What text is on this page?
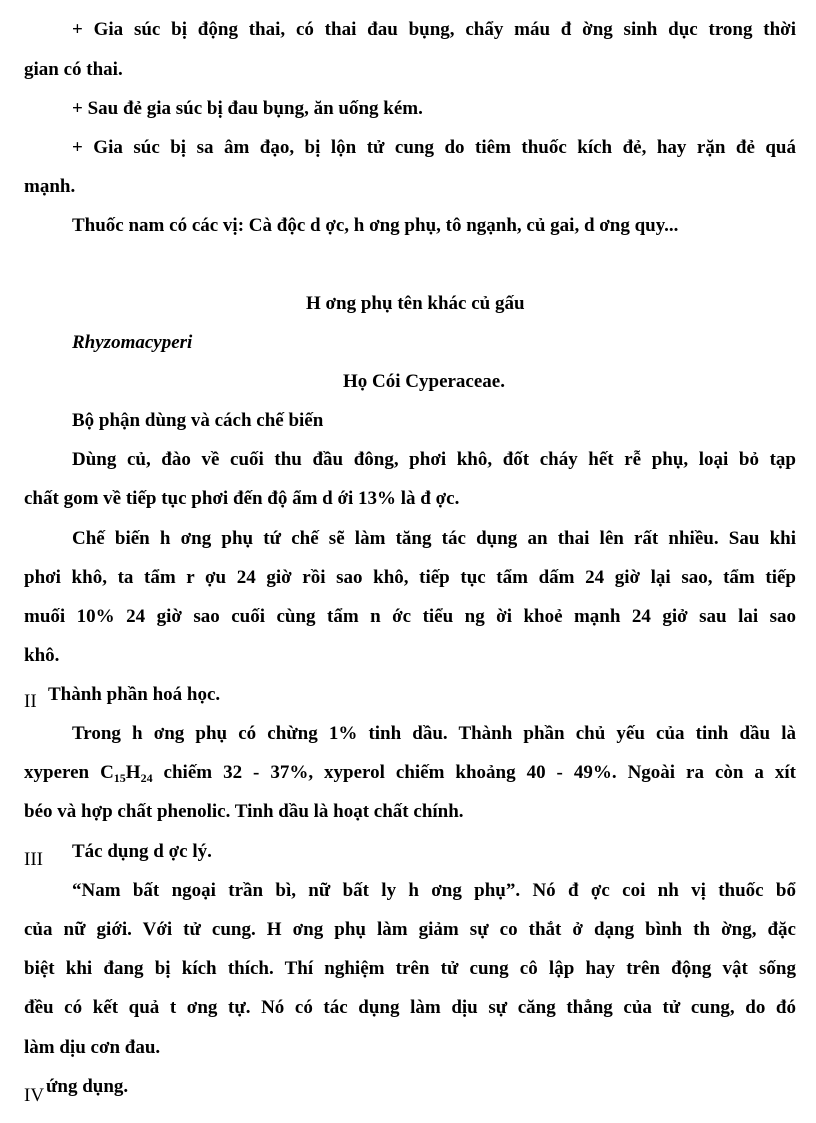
+ Gia súc bị động thai, có thai đau bụng, chẩy máu đ ờng sinh dục trong thời
gian có thai.
+ Sau đẻ gia súc bị đau bụng, ăn uống kém.
+ Gia súc bị sa âm đạo, bị lộn tử cung do tiêm thuốc kích đẻ, hay rặn đẻ quá
mạnh.
Thuốc nam có các vị: Cà độc d ợc, h ơng phụ, tô ngạnh, củ gai, d ơng quy...
H ơng phụ tên khác củ gấu
Rhyzomacyperi
Họ Cói Cyperaceae.
Bộ phận dùng và cách chế biến
Dùng củ, đào về cuối thu đầu đông, phơi khô, đốt cháy hết rễ phụ, loại bỏ tạp
chất gom về tiếp tục phơi đến độ ẩm d ới 13% là đ ợc.
Chế biến h ơng phụ tứ chế sẽ làm tăng tác dụng an thai lên rất nhiều. Sau khi
phơi khô, ta tẩm r ợu 24 giờ rồi sao khô, tiếp tục tẩm dấm 24 giờ lại sao, tẩm tiếp
muối 10% 24 giờ sao cuối cùng tẩm n ớc tiểu ng ời khoẻ mạnh 24 giở sau lai sao
khô.
II Thành phần hoá học.
Trong h ơng phụ có chừng 1% tinh dầu. Thành phần chủ yếu của tinh dầu là
xyperen $C_{15}H_{24}$ chiếm 32 - 37%, xyperol chiếm khoảng 40 - 49%. Ngoài ra còn a xít
béo và hợp chất phenolic. Tinh dầu là hoạt chất chính.
III Tác dụng d ợc lý.
“Nam bất ngoại trần bì, nữ bất ly h ơng phụ”. Nó đ ợc coi nh vị thuốc bổ
của nữ giới. Với tử cung. H ơng phụ làm giảm sự co thắt ở dạng bình th ờng, đặc
biệt khi đang bị kích thích. Thí nghiệm trên tử cung cô lập hay trên động vật sống
đều có kết quả t ơng tự. Nó có tác dụng làm dịu sự căng thẳng của tử cung, do đó
làm dịu cơn đau.
IV ứng dụng.
